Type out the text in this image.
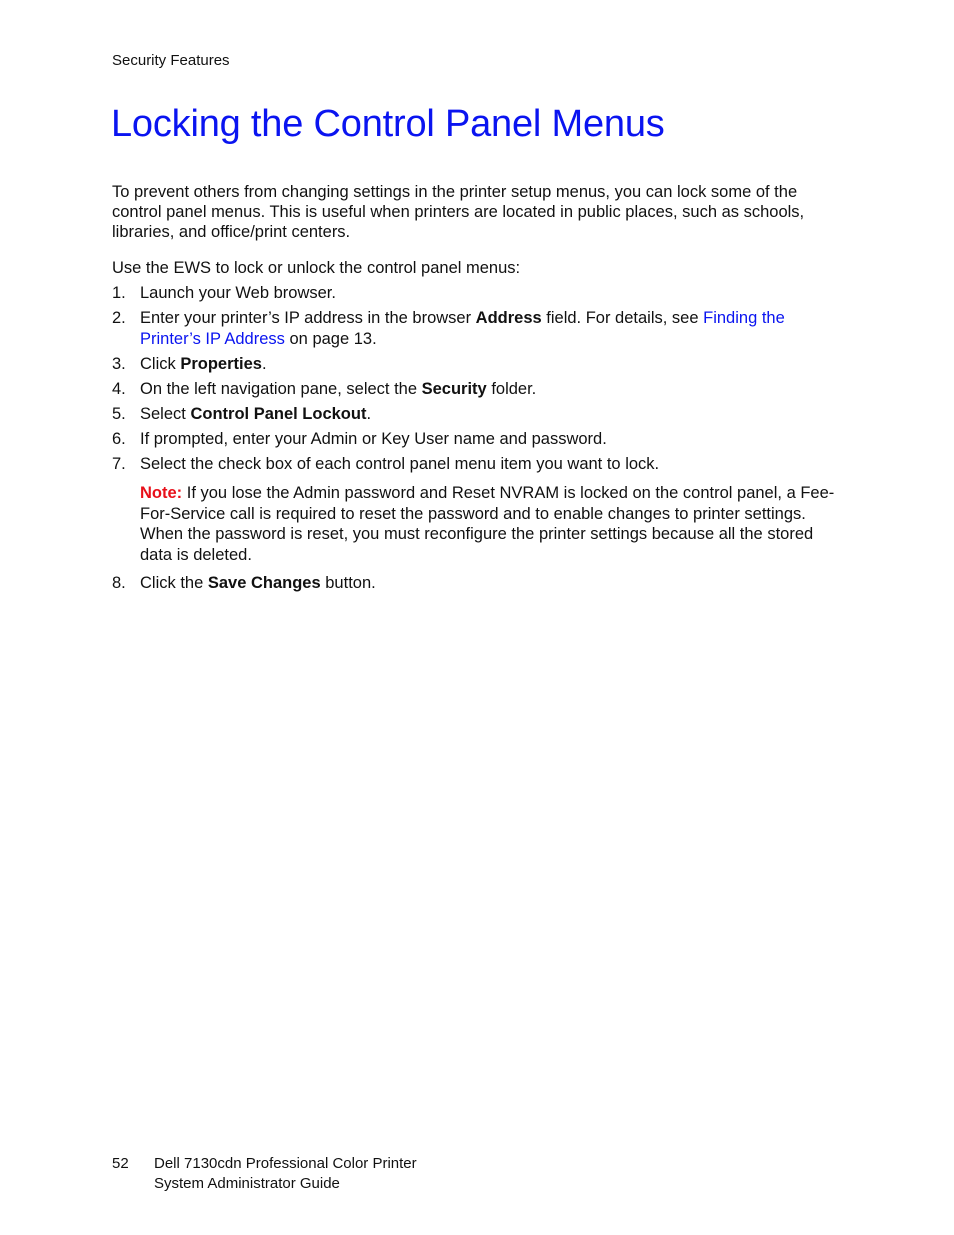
Security Features
Locking the Control Panel Menus

To prevent others from changing settings in the printer setup menus, you can lock some of the control panel menus. This is useful when printers are located in public places, such as schools, libraries, and office/print centers.

Use the EWS to lock or unlock the control panel menus:

1. Launch your Web browser.
2. Enter your printer’s IP address in the browser Address field. For details, see Finding the Printer’s IP Address on page 13.
3. Click Properties.
4. On the left navigation pane, select the Security folder.
5. Select Control Panel Lockout.
6. If prompted, enter your Admin or Key User name and password.
7. Select the check box of each control panel menu item you want to lock.
Note: If you lose the Admin password and Reset NVRAM is locked on the control panel, a Fee-For-Service call is required to reset the password and to enable changes to printer settings. When the password is reset, you must reconfigure the printer settings because all the stored data is deleted.
8. Click the Save Changes button.
52 Dell 7130cdn Professional Color Printer
System Administrator Guide
